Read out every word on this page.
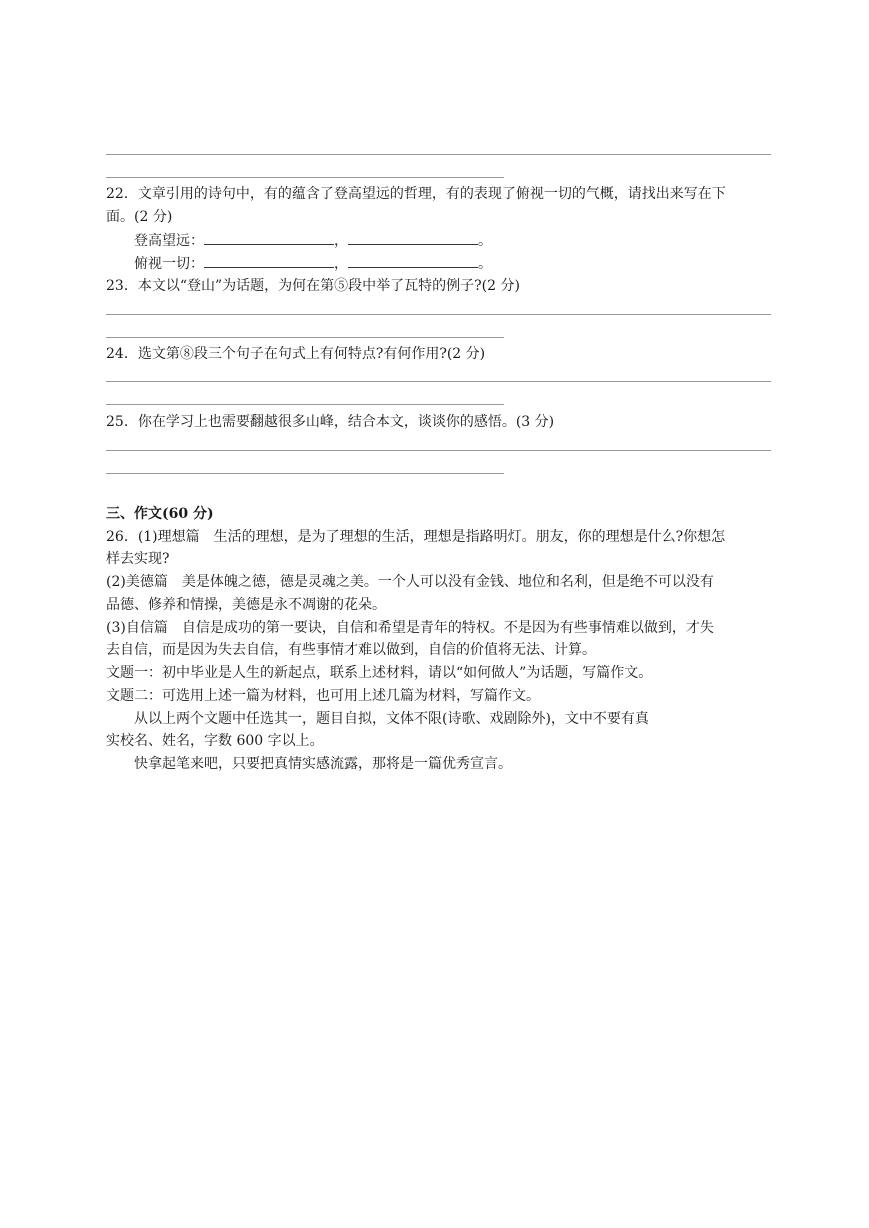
22．文章引用的诗句中，有的蕴含了登高望远的哲理，有的表现了俯视一切的气概，请找出来写在下
面。(2 分)
登高望远：	，	。
俯视一切：	，	。
23．本文以“登山”为话题，为何在第⑤段中举了瓦特的例子?(2 分)
24．选文第⑧段三个句子在句式上有何特点?有何作用?(2 分)
25．你在学习上也需要翻越很多山峰，结合本文，谈谈你的感悟。(3 分)
三、作文(60 分)
26．(1)理想篇　生活的理想，是为了理想的生活，理想是指路明灯。朋友，你的理想是什么?你想怎
样去实现?
(2)美德篇　美是体魄之德，德是灵魂之美。一个人可以没有金钱、地位和名利，但是绝不可以没有
品德、修养和情操，美德是永不凋谢的花朵。
(3)自信篇　自信是成功的第一要诀，自信和希望是青年的特权。不是因为有些事情难以做到，才失
去自信，而是因为失去自信，有些事情才难以做到，自信的价值将无法、计算。
文题一：初中毕业是人生的新起点，联系上述材料，请以“如何做人”为话题，写篇作文。
文题二：可选用上述一篇为材料，也可用上述几篇为材料，写篇作文。
从以上两个文题中任选其一，题目自拟，文体不限(诗歌、戏剧除外)，文中不要有真
实校名、姓名，字数 600 字以上。
快拿起笔来吧，只要把真情实感流露，那将是一篇优秀宣言。
